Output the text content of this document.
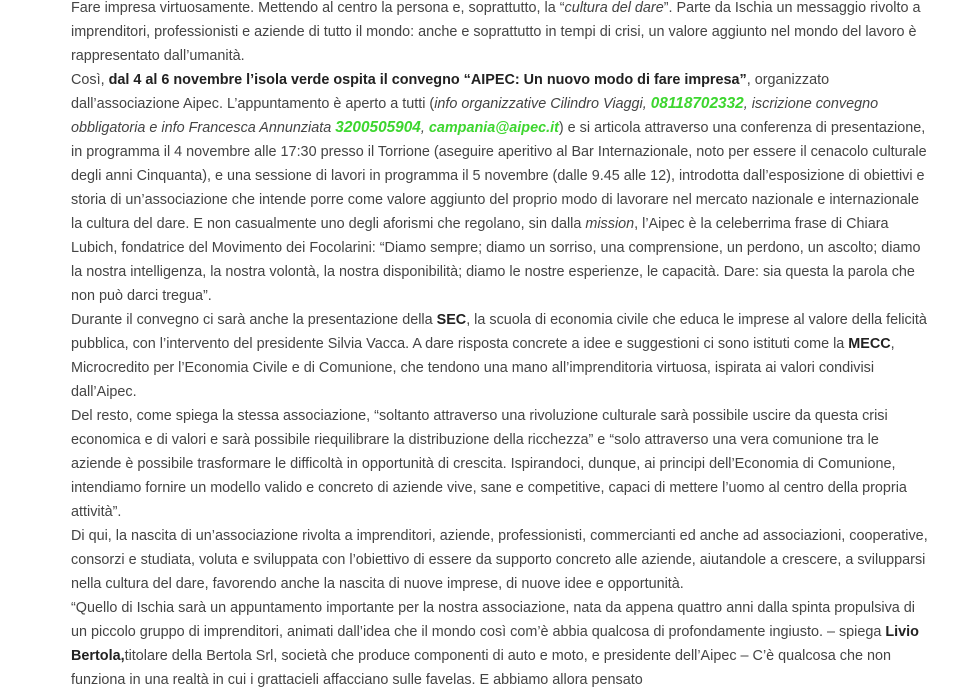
Fare impresa virtuosamente. Mettendo al centro la persona e, soprattutto, la “cultura del dare”. Parte da Ischia un messaggio rivolto a imprenditori, professionisti e aziende di tutto il mondo: anche e soprattutto in tempi di crisi, un valore aggiunto nel mondo del lavoro è rappresentato dall’umanità.

Così, dal 4 al 6 novembre l’isola verde ospita il convegno “AIPEC: Un nuovo modo di fare impresa”, organizzato dall’associazione Aipec. L’appuntamento è aperto a tutti (info organizzative Cilindro Viaggi, 08118702332, iscrizione convegno obbligatoria e info Francesca Annunziata 3200505904, campania@aipec.it) e si articola attraverso una conferenza di presentazione, in programma il 4 novembre alle 17:30 presso il Torrione (aseguire aperitivo al Bar Internazionale, noto per essere il cenacolo culturale degli anni Cinquanta), e una sessione di lavori in programma il 5 novembre (dalle 9.45 alle 12), introdotta dall’esposizione di obiettivi e storia di un’associazione che intende porre come valore aggiunto del proprio modo di lavorare nel mercato nazionale e internazionale la cultura del dare. E non casualmente uno degli aforismi che regolano, sin dalla mission, l’Aipec è la celeberrima frase di Chiara Lubich, fondatrice del Movimento dei Focolarini: “Diamo sempre; diamo un sorriso, una comprensione, un perdono, un ascolto; diamo la nostra intelligenza, la nostra volontà, la nostra disponibilità; diamo le nostre esperienze, le capacità. Dare: sia questa la parola che non può darci tregua”.

Durante il convegno ci sarà anche la presentazione della SEC, la scuola di economia civile che educa le imprese al valore della felicità pubblica, con l’intervento del presidente Silvia Vacca. A dare risposta concrete a idee e suggestioni ci sono istituti come la MECC, Microcredito per l’Economia Civile e di Comunione, che tendono una mano all’imprenditoria virtuosa, ispirata ai valori condivisi dall’Aipec.

Del resto, come spiega la stessa associazione, “soltanto attraverso una rivoluzione culturale sarà possibile uscire da questa crisi economica e di valori e sarà possibile riequilibrare la distribuzione della ricchezza” e “solo attraverso una vera comunione tra le aziende è possibile trasformare le difficoltà in opportunità di crescita. Ispirandoci, dunque, ai principi dell’Economia di Comunione, intendiamo fornire un modello valido e concreto di aziende vive, sane e competitive, capaci di mettere l’uomo al centro della propria attività”.

Di qui, la nascita di un’associazione rivolta a imprenditori, aziende, professionisti, commercianti ed anche ad associazioni, cooperative, consorzi e studiata, voluta e sviluppata con l’obiettivo di essere da supporto concreto alle aziende, aiutandole a crescere, a svilupparsi nella cultura del dare, favorendo anche la nascita di nuove imprese, di nuove idee e opportunità.

“Quello di Ischia sarà un appuntamento importante per la nostra associazione, nata da appena quattro anni dalla spinta propulsiva di un piccolo gruppo di imprenditori, animati dall’idea che il mondo così com’è abbia qualcosa di profondamente ingiusto. – spiega Livio Bertola,titolare della Bertola Srl, società che produce componenti di auto e moto, e presidente dell’Aipec – C’è qualcosa che non funziona in una realtà in cui i grattacieli affacciano sulle favelas. E abbiamo allora pensato
